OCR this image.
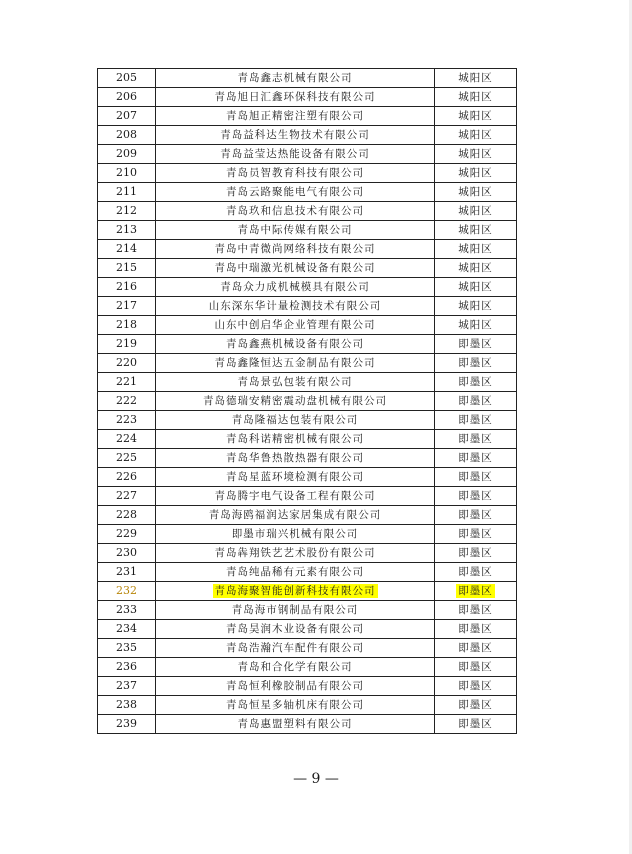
205	青岛鑫志机械有限公司	城阳区
206	青岛旭日汇鑫环保科技有限公司	城阳区
207	青岛旭正精密注塑有限公司	城阳区
208	青岛益科达生物技术有限公司	城阳区
209	青岛益莹达热能设备有限公司	城阳区
210	青岛员智教育科技有限公司	城阳区
211	青岛云路聚能电气有限公司	城阳区
212	青岛玖和信息技术有限公司	城阳区
213	青岛中际传媒有限公司	城阳区
214	青岛中青微尚网络科技有限公司	城阳区
215	青岛中瑞激光机械设备有限公司	城阳区
216	青岛众力成机械模具有限公司	城阳区
217	山东深东华计量检测技术有限公司	城阳区
218	山东中创启华企业管理有限公司	城阳区
219	青岛鑫燕机械设备有限公司	即墨区
220	青岛鑫隆恒达五金制品有限公司	即墨区
221	青岛景弘包装有限公司	即墨区
222	青岛德瑞安精密震动盘机械有限公司	即墨区
223	青岛隆福达包装有限公司	即墨区
224	青岛科诺精密机械有限公司	即墨区
225	青岛华鲁热散热器有限公司	即墨区
226	青岛星蓝环境检测有限公司	即墨区
227	青岛腾宇电气设备工程有限公司	即墨区
228	青岛海鸥福润达家居集成有限公司	即墨区
229	即墨市瑞兴机械有限公司	即墨区
230	青岛犇翔铁艺艺术股份有限公司	即墨区
231	青岛纯晶稀有元素有限公司	即墨区
232	青岛海聚智能创新科技有限公司	即墨区
233	青岛海市钢制品有限公司	即墨区
234	青岛昊润木业设备有限公司	即墨区
235	青岛浩瀚汽车配件有限公司	即墨区
236	青岛和合化学有限公司	即墨区
237	青岛恒利橡胶制品有限公司	即墨区
238	青岛恒星多轴机床有限公司	即墨区
239	青岛惠盟塑料有限公司	即墨区
— 9 —
